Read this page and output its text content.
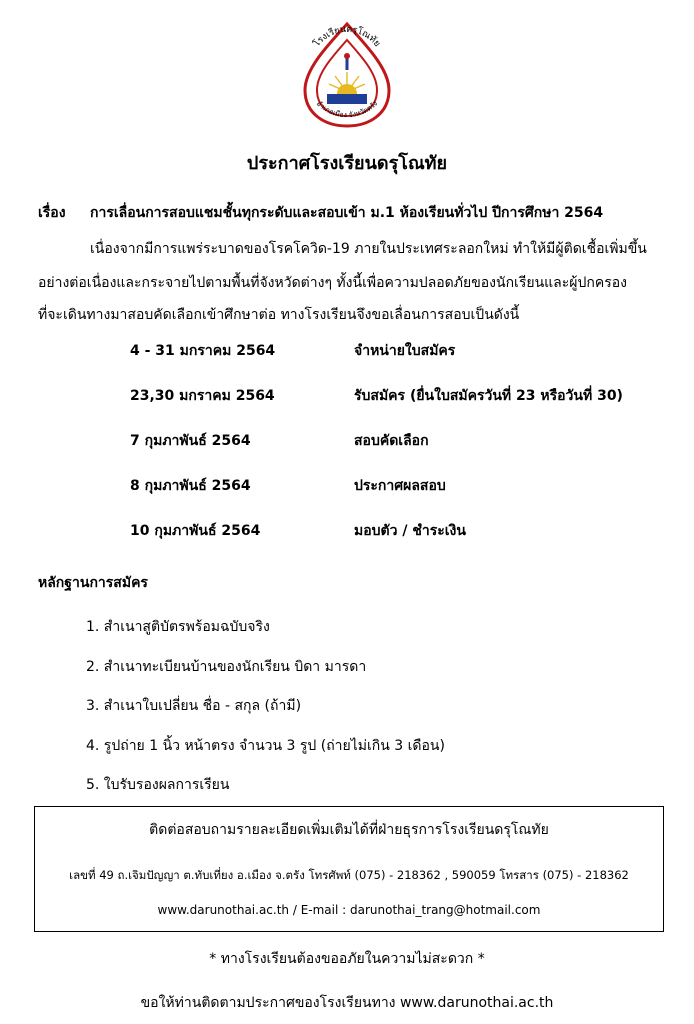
โรงเรียนดรุโณทัย
อำเภอเมือง จังหวัดตรัง
ประกาศโรงเรียนดรุโณทัย
เรื่อง การเลื่อนการสอบแชมชั้นทุกระดับและสอบเข้า ม.1 ห้องเรียนทั่วไป ปีการศึกษา 2564
เนื่องจากมีการแพร่ระบาดของโรคโควิด-19 ภายในประเทศระลอกใหม่ ทำให้มีผู้ติดเชื้อเพิ่มขึ้น
อย่างต่อเนื่องและกระจายไปตามพื้นที่จังหวัดต่างๆ ทั้งนี้เพื่อความปลอดภัยของนักเรียนและผู้ปกครอง
ที่จะเดินทางมาสอบคัดเลือกเข้าศึกษาต่อ ทางโรงเรียนจึงขอเลื่อนการสอบเป็นดังนี้
4 - 31 มกราคม 2564	จำหน่ายใบสมัคร
23,30 มกราคม 2564	รับสมัคร (ยื่นใบสมัครวันที่ 23 หรือวันที่ 30)
7 กุมภาพันธ์ 2564	สอบคัดเลือก
8 กุมภาพันธ์ 2564	ประกาศผลสอบ
10 กุมภาพันธ์ 2564	มอบตัว / ชำระเงิน
หลักฐานการสมัคร
1. สำเนาสูติบัตรพร้อมฉบับจริง
2. สำเนาทะเบียนบ้านของนักเรียน บิดา มารดา
3. สำเนาใบเปลี่ยน ชื่อ - สกุล (ถ้ามี)
4. รูปถ่าย 1 นิ้ว หน้าตรง จำนวน 3 รูป (ถ่ายไม่เกิน 3 เดือน)
5. ใบรับรองผลการเรียน
ติดต่อสอบถามรายละเอียดเพิ่มเติมได้ที่ฝ่ายธุรการโรงเรียนดรุโณทัย
เลขที่ 49 ถ.เจิมปัญญา ต.ทับเที่ยง อ.เมือง จ.ตรัง โทรศัพท์ (075) - 218362 , 590059 โทรสาร (075) - 218362
www.darunothai.ac.th / E-mail : darunothai_trang@hotmail.com
* ทางโรงเรียนต้องขออภัยในความไม่สะดวก *
ขอให้ท่านติดตามประกาศของโรงเรียนทาง www.darunothai.ac.th
